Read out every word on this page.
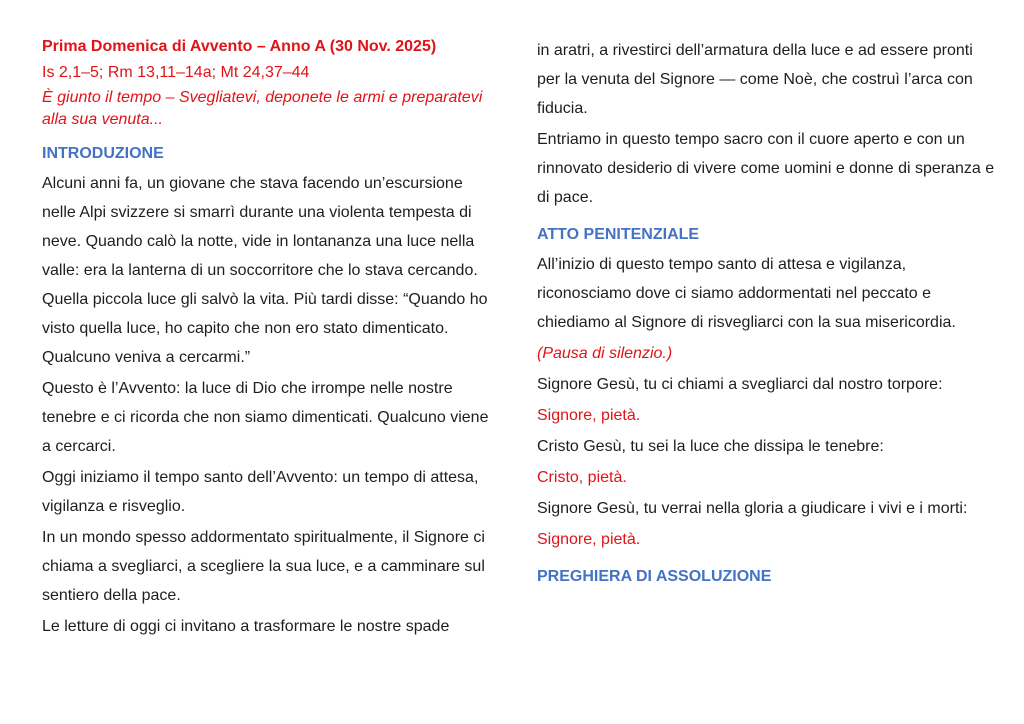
Prima Domenica di Avvento – Anno A (30 Nov. 2025)

Is 2,1–5; Rm 13,11–14a; Mt 24,37–44

È giunto il tempo – Svegliatevi, deponete le armi e preparatevi alla sua venuta...

INTRODUZIONE

Alcuni anni fa, un giovane che stava facendo un’escursione nelle Alpi svizzere si smarrì durante una violenta tempesta di neve. Quando calò la notte, vide in lontananza una luce nella valle: era la lanterna di un soccorritore che lo stava cercando. Quella piccola luce gli salvò la vita. Più tardi disse: “Quando ho visto quella luce, ho capito che non ero stato dimenticato. Qualcuno veniva a cercarmi.”

Questo è l’Avvento: la luce di Dio che irrompe nelle nostre tenebre e ci ricorda che non siamo dimenticati. Qualcuno viene a cercarci.

Oggi iniziamo il tempo santo dell’Avvento: un tempo di attesa, vigilanza e risveglio.

In un mondo spesso addormentato spiritualmente, il Signore ci chiama a svegliarci, a scegliere la sua luce, e a camminare sul sentiero della pace.

Le letture di oggi ci invitano a trasformare le nostre spade

in aratri, a rivestirci dell’armatura della luce e ad essere pronti per la venuta del Signore — come Noè, che costruì l’arca con fiducia.

Entriamo in questo tempo sacro con il cuore aperto e con un rinnovato desiderio di vivere come uomini e donne di speranza e di pace.

ATTO PENITENZIALE

All’inizio di questo tempo santo di attesa e vigilanza, riconosciamo dove ci siamo addormentati nel peccato e chiediamo al Signore di risvegliarci con la sua misericordia.

(Pausa di silenzio.)

Signore Gesù, tu ci chiami a svegliarci dal nostro torpore:

Signore, pietà.

Cristo Gesù, tu sei la luce che dissipa le tenebre:

Cristo, pietà.

Signore Gesù, tu verrai nella gloria a giudicare i vivi e i morti:

Signore, pietà.

PREGHIERA DI ASSOLUZIONE
